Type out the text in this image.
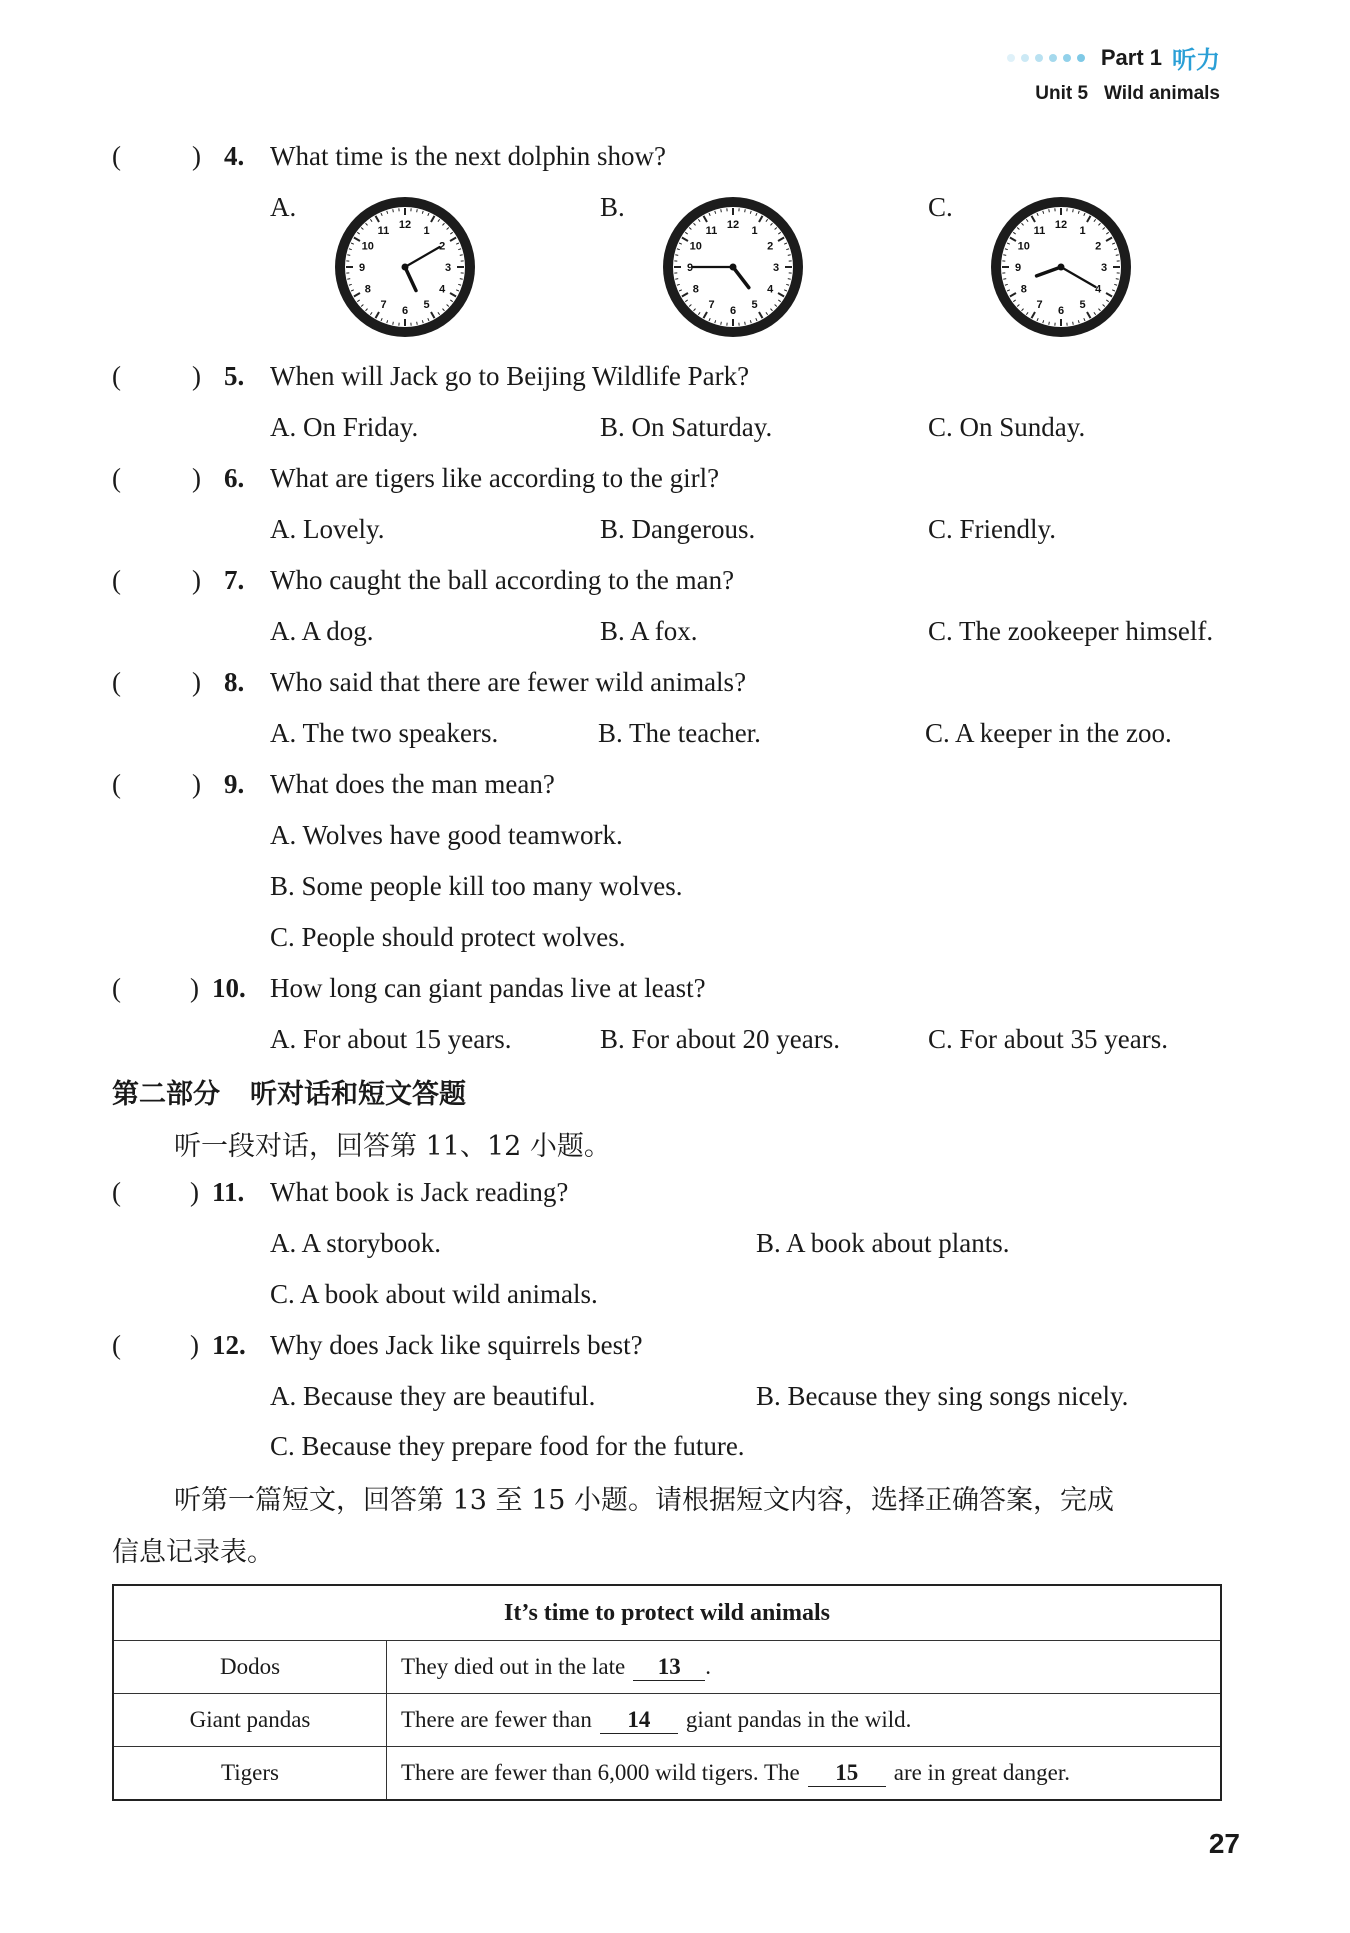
Part 1 听力
Unit 5 Wild animals
(	) 4. What time is the next dolphin show?
A.
1
2
3
4
5
6
7
8
9
10
11 12
B.
1
2
3
4
5
6
7
8
9
10
11 12
C.
1
2
3
4
5
6
7
8
9
10
11 12
(	) 5. When will Jack go to Beijing Wildlife Park?
A. On Friday.	B. On Saturday.	C. On Sunday.
(	) 6. What are tigers like according to the girl?
A. Lovely.	B. Dangerous.	C. Friendly.
(	) 7. Who caught the ball according to the man?
A. A dog.	B. A fox.	C. The zookeeper himself.
(	) 8. Who said that there are fewer wild animals?
A. The two speakers.	B. The teacher.	C. A keeper in the zoo.
(	) 9. What does the man mean?
A. Wolves have good teamwork.
B. Some people kill too many wolves.
C. People should protect wolves.
(	) 10. How long can giant pandas live at least?
A. For about 15 years.	B. For about 20 years.	C. For about 35 years.
第二部分 听对话和短文答题
听一段对话，回答第 11、12 小题。
(	) 11. What book is Jack reading?
A. A storybook.	B. A book about plants.
C. A book about wild animals.
(	) 12. Why does Jack like squirrels best?
A. Because they are beautiful.	B. Because they sing songs nicely.
C. Because they prepare food for the future.
听第一篇短文，回答第 13 至 15 小题。请根据短文内容，选择正确答案，完成
信息记录表。
It’s time to protect wild animals	
Dodos	They died out in the late 13 .
Giant pandas	There are fewer than 14 giant pandas in the wild.
Tigers	There are fewer than 6,000 wild tigers. The 15 are in great danger.
27
